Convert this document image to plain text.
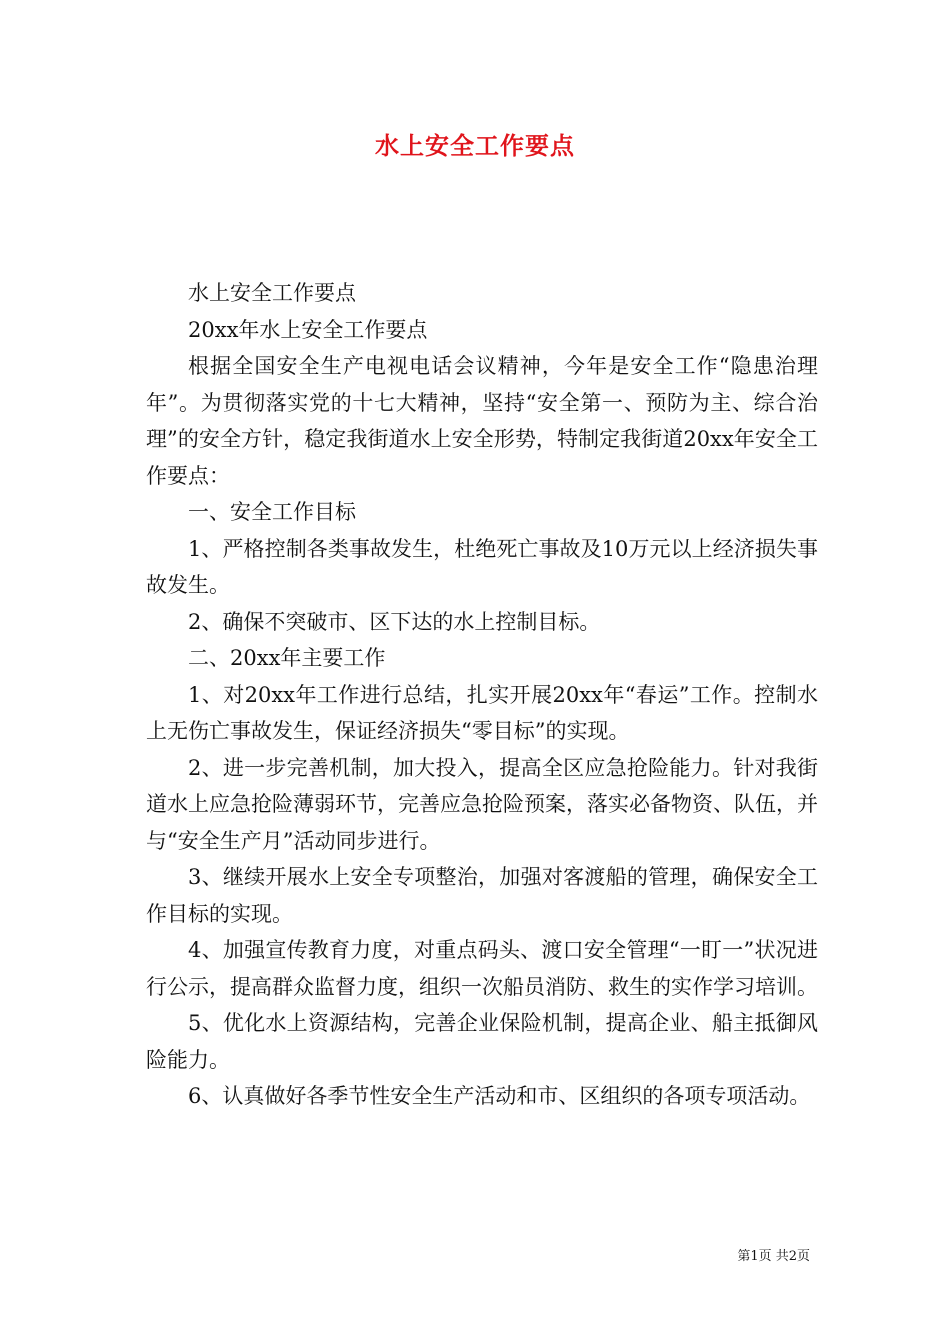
水上安全工作要点

水上安全工作要点

20xx年水上安全工作要点

根据全国安全生产电视电话会议精神，今年是安全工作“隐患治理年”。为贯彻落实党的十七大精神，坚持“安全第一、预防为主、综合治理”的安全方针，稳定我街道水上安全形势，特制定我街道20xx年安全工作要点：

一、安全工作目标

1、严格控制各类事故发生，杜绝死亡事故及10万元以上经济损失事故发生。

2、确保不突破市、区下达的水上控制目标。

二、20xx年主要工作

1、对20xx年工作进行总结，扎实开展20xx年“春运”工作。控制水上无伤亡事故发生，保证经济损失“零目标”的实现。

2、进一步完善机制，加大投入，提高全区应急抢险能力。针对我街道水上应急抢险薄弱环节，完善应急抢险预案，落实必备物资、队伍，并与“安全生产月”活动同步进行。

3、继续开展水上安全专项整治，加强对客渡船的管理，确保安全工作目标的实现。

4、加强宣传教育力度，对重点码头、渡口安全管理“一盯一”状况进行公示，提高群众监督力度，组织一次船员消防、救生的实作学习培训。

5、优化水上资源结构，完善企业保险机制，提高企业、船主抵御风险能力。

6、认真做好各季节性安全生产活动和市、区组织的各项专项活动。

第1页 共2页
